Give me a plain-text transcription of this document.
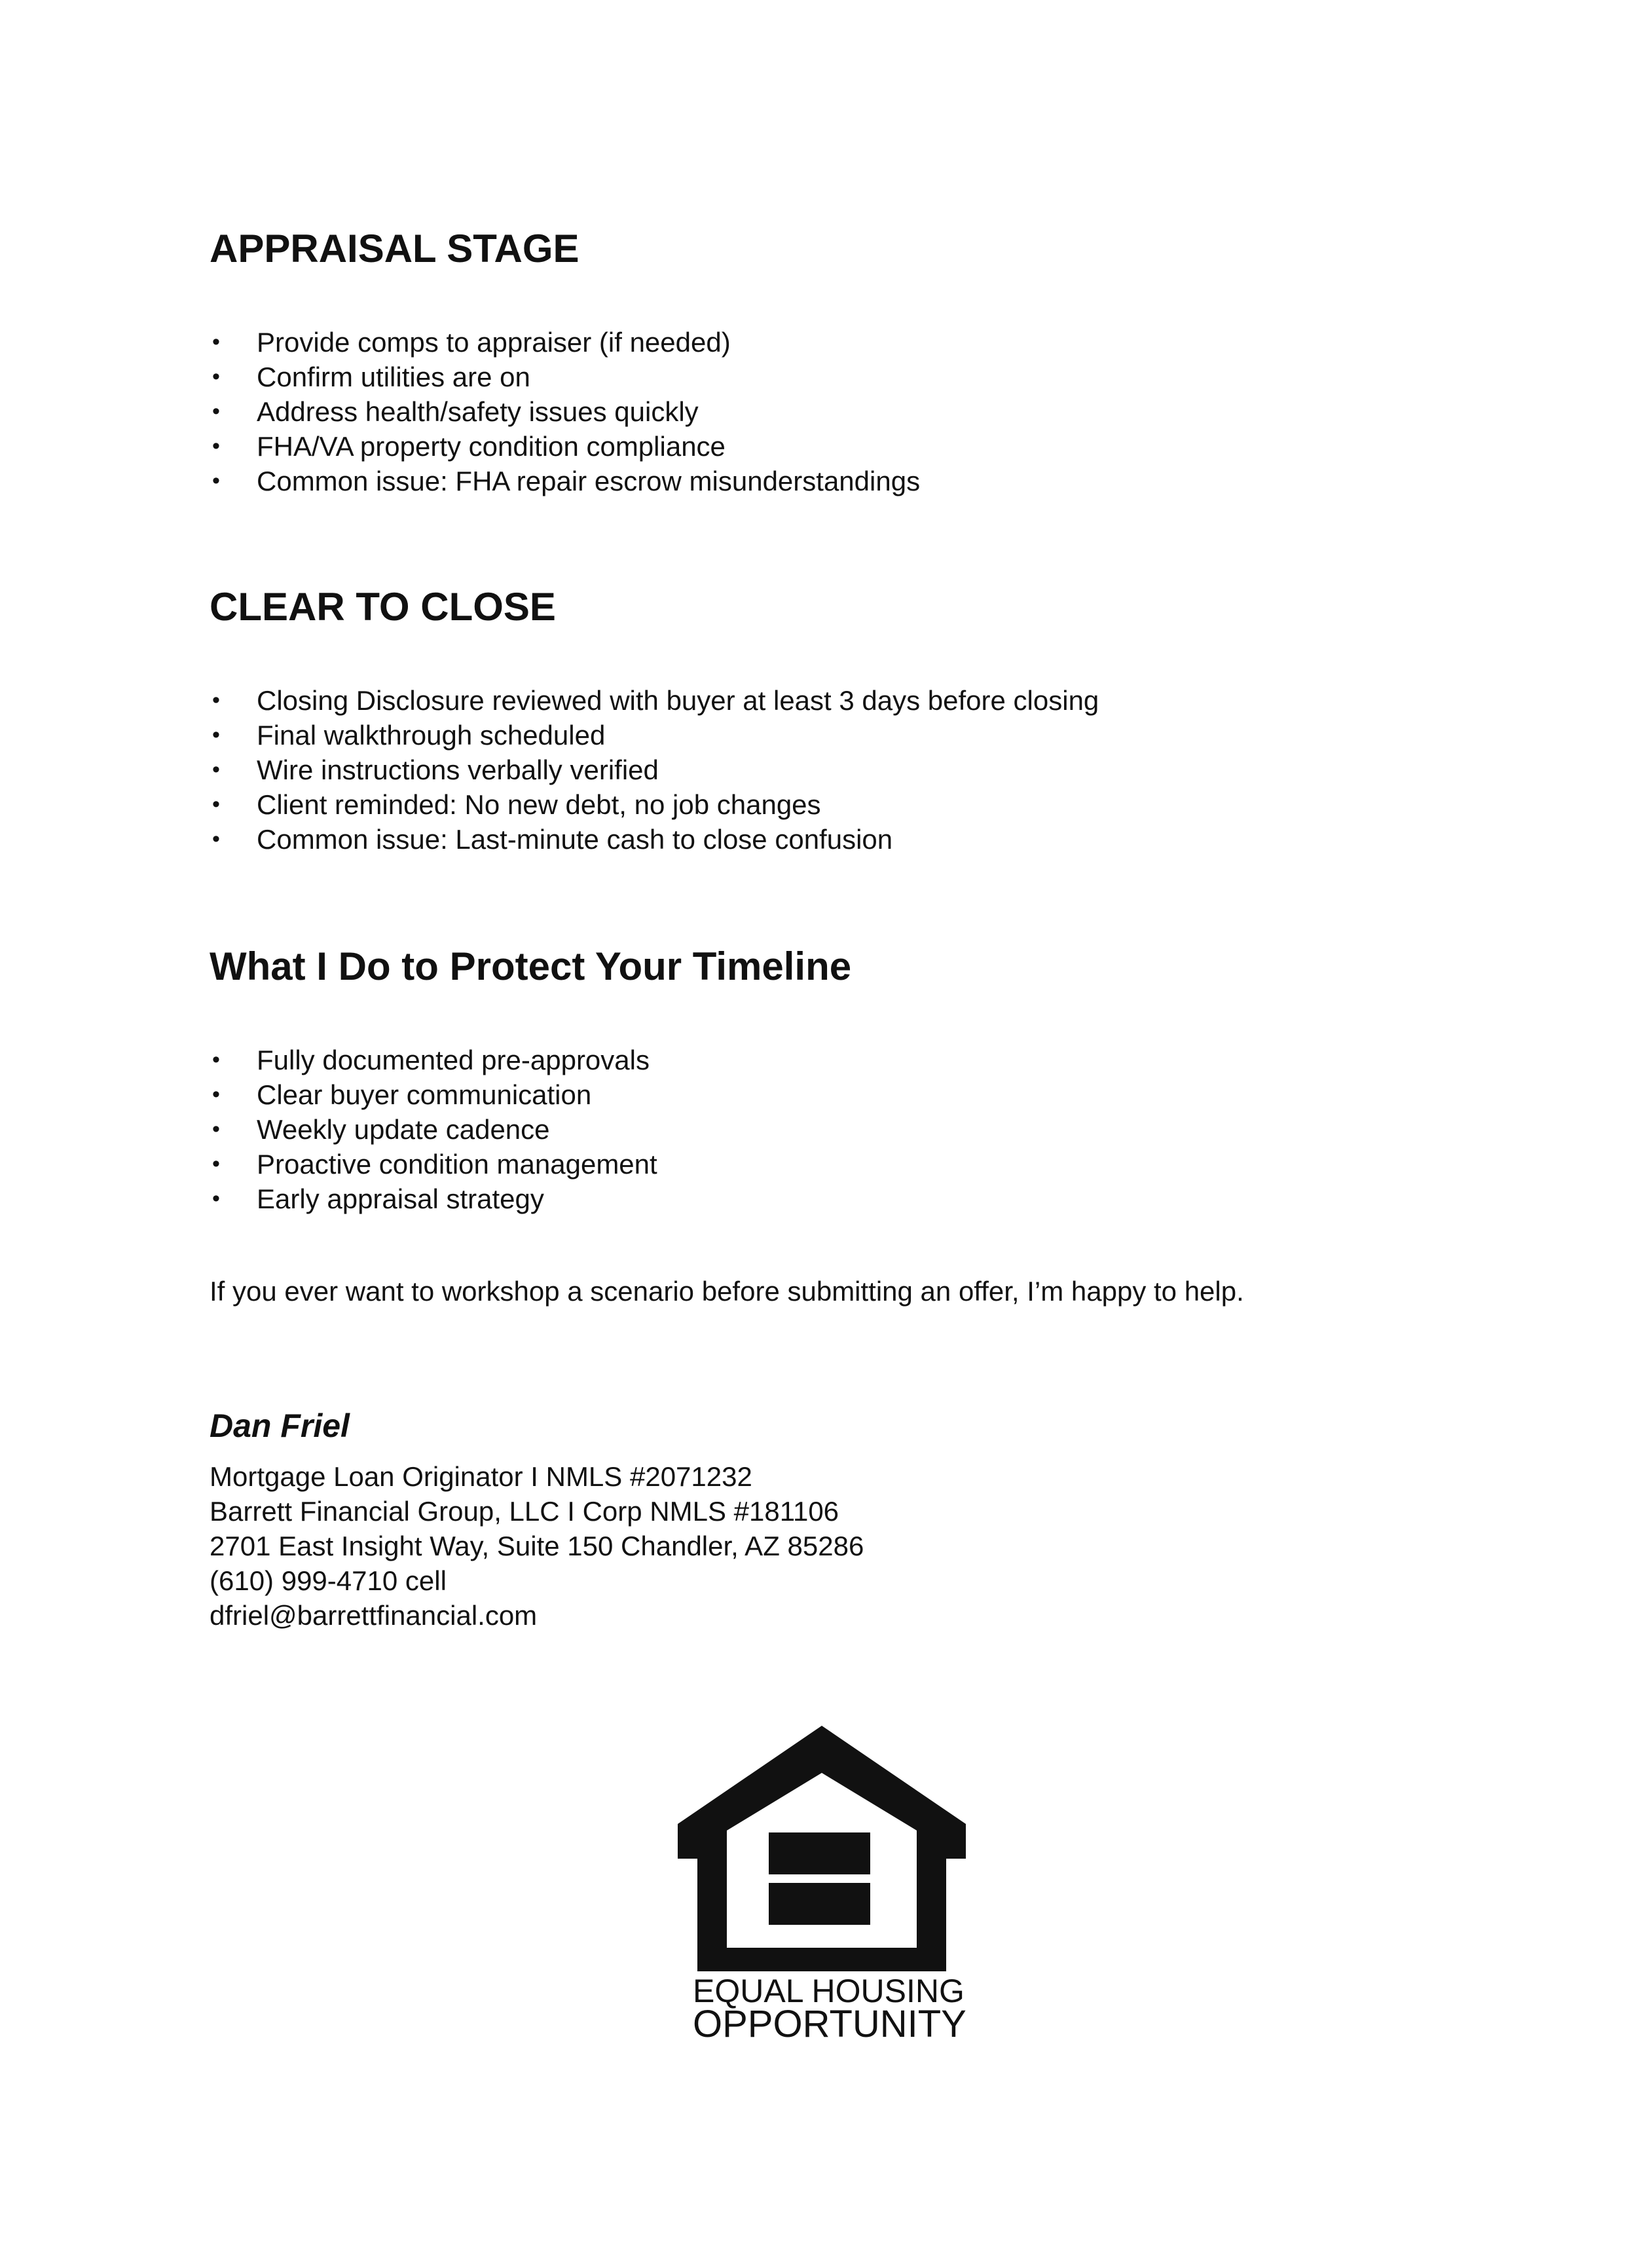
APPRAISAL STAGE
• Provide comps to appraiser (if needed)
• Confirm utilities are on
• Address health/safety issues quickly
• FHA/VA property condition compliance
• Common issue: FHA repair escrow misunderstandings
CLEAR TO CLOSE
• Closing Disclosure reviewed with buyer at least 3 days before closing
• Final walkthrough scheduled
• Wire instructions verbally verified
• Client reminded: No new debt, no job changes
• Common issue: Last-minute cash to close confusion
What I Do to Protect Your Timeline
• Fully documented pre-approvals
• Clear buyer communication
• Weekly update cadence
• Proactive condition management
• Early appraisal strategy

If you ever want to workshop a scenario before submitting an offer, I’m happy to help.

Dan Friel

Mortgage Loan Originator I NMLS #2071232
Barrett Financial Group, LLC I Corp NMLS #181106
2701 East Insight Way, Suite 150 Chandler, AZ 85286
(610) 999-4710 cell
dfriel@barrettfinancial.com
EQUAL HOUSING
OPPORTUNITY
